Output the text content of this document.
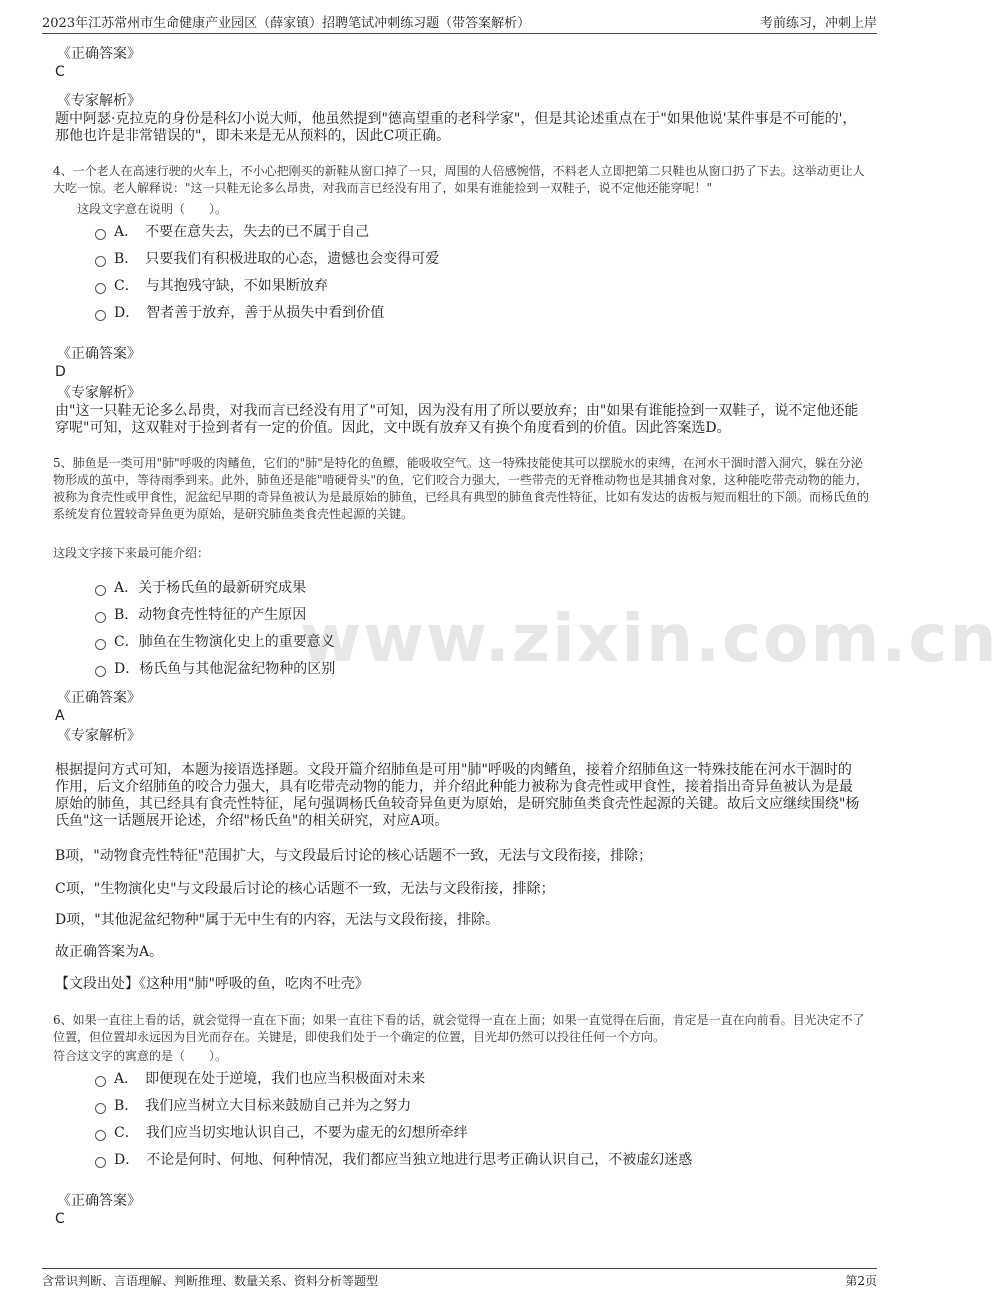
2023年江苏常州市生命健康产业园区（薛家镇）招聘笔试冲刺练习题（带答案解析）	考前练习，冲刺上岸
www.zixin.com.cn
《正确答案》
C
《专家解析》
题中阿瑟·克拉克的身份是科幻小说大师，他虽然提到"德高望重的老科学家"，但是其论述重点在于"如果他说'某件事是不可能的'，那他也许是非常错误的"，即未来是无从预料的，因此C项正确。
4、一个老人在高速行驶的火车上，不小心把刚买的新鞋从窗口掉了一只，周围的人倍感惋惜，不料老人立即把第二只鞋也从窗口扔了下去。这举动更让人大吃一惊。老人解释说："这一只鞋无论多么昂贵，对我而言已经没有用了，如果有谁能捡到一双鞋子，说不定他还能穿呢！"
这段文字意在说明（　　）。
A．　不要在意失去，失去的已不属于自己
B．　只要我们有积极进取的心态，遗憾也会变得可爱
C．　与其抱残守缺，不如果断放弃
D．　智者善于放弃，善于从损失中看到价值
《正确答案》
D
《专家解析》
由"这一只鞋无论多么昂贵，对我而言已经没有用了"可知，因为没有用了所以要放弃；由"如果有谁能捡到一双鞋子，说不定他还能穿呢"可知，这双鞋对于捡到者有一定的价值。因此，文中既有放弃又有换个角度看到的价值。因此答案选D。
5、肺鱼是一类可用"肺"呼吸的肉鳍鱼，它们的"肺"是特化的鱼鳔，能吸收空气。这一特殊技能使其可以摆脱水的束缚，在河水干涸时潜入洞穴，躲在分泌物形成的茧中，等待雨季到来。此外，肺鱼还是能"啃硬骨头"的鱼，它们咬合力强大，一些带壳的无脊椎动物也是其捕食对象，这种能吃带壳动物的能力，被称为食壳性或甲食性，泥盆纪早期的奇异鱼被认为是最原始的肺鱼，已经具有典型的肺鱼食壳性特征，比如有发达的齿板与短而粗壮的下颌。而杨氏鱼的系统发育位置较奇异鱼更为原始，是研究肺鱼类食壳性起源的关键。
这段文字接下来最可能介绍：
A．关于杨氏鱼的最新研究成果
B．动物食壳性特征的产生原因
C．肺鱼在生物演化史上的重要意义
D．杨氏鱼与其他泥盆纪物种的区别
《正确答案》
A
《专家解析》
根据提问方式可知，本题为接语选择题。文段开篇介绍肺鱼是可用"肺"呼吸的肉鳍鱼，接着介绍肺鱼这一特殊技能在河水干涸时的作用，后文介绍肺鱼的咬合力强大，具有吃带壳动物的能力，并介绍此种能力被称为食壳性或甲食性，接着指出奇异鱼被认为是最原始的肺鱼，其已经具有食壳性特征，尾句强调杨氏鱼较奇异鱼更为原始，是研究肺鱼类食壳性起源的关键。故后文应继续围绕"杨氏鱼"这一话题展开论述，介绍"杨氏鱼"的相关研究，对应A项。
B项，"动物食壳性特征"范围扩大，与文段最后讨论的核心话题不一致，无法与文段衔接，排除；
C项，"生物演化史"与文段最后讨论的核心话题不一致，无法与文段衔接，排除；
D项，"其他泥盆纪物种"属于无中生有的内容，无法与文段衔接，排除。
故正确答案为A。
【文段出处】《这种用"肺"呼吸的鱼，吃肉不吐壳》
6、如果一直往上看的话，就会觉得一直在下面；如果一直往下看的话，就会觉得一直在上面；如果一直觉得在后面，肯定是一直在向前看。目光决定不了位置，但位置却永远因为目光而存在。关键是，即使我们处于一个确定的位置，目光却仍然可以投往任何一个方向。
符合这文字的寓意的是（　　）。
A．　即便现在处于逆境，我们也应当积极面对未来
B．　我们应当树立大目标来鼓励自己并为之努力
C．　我们应当切实地认识自己，不要为虚无的幻想所牵绊
D．　不论是何时、何地、何种情况，我们都应当独立地进行思考正确认识自己，不被虚幻迷惑
《正确答案》
C
含常识判断、言语理解、判断推理、数量关系、资料分析等题型	第2页
